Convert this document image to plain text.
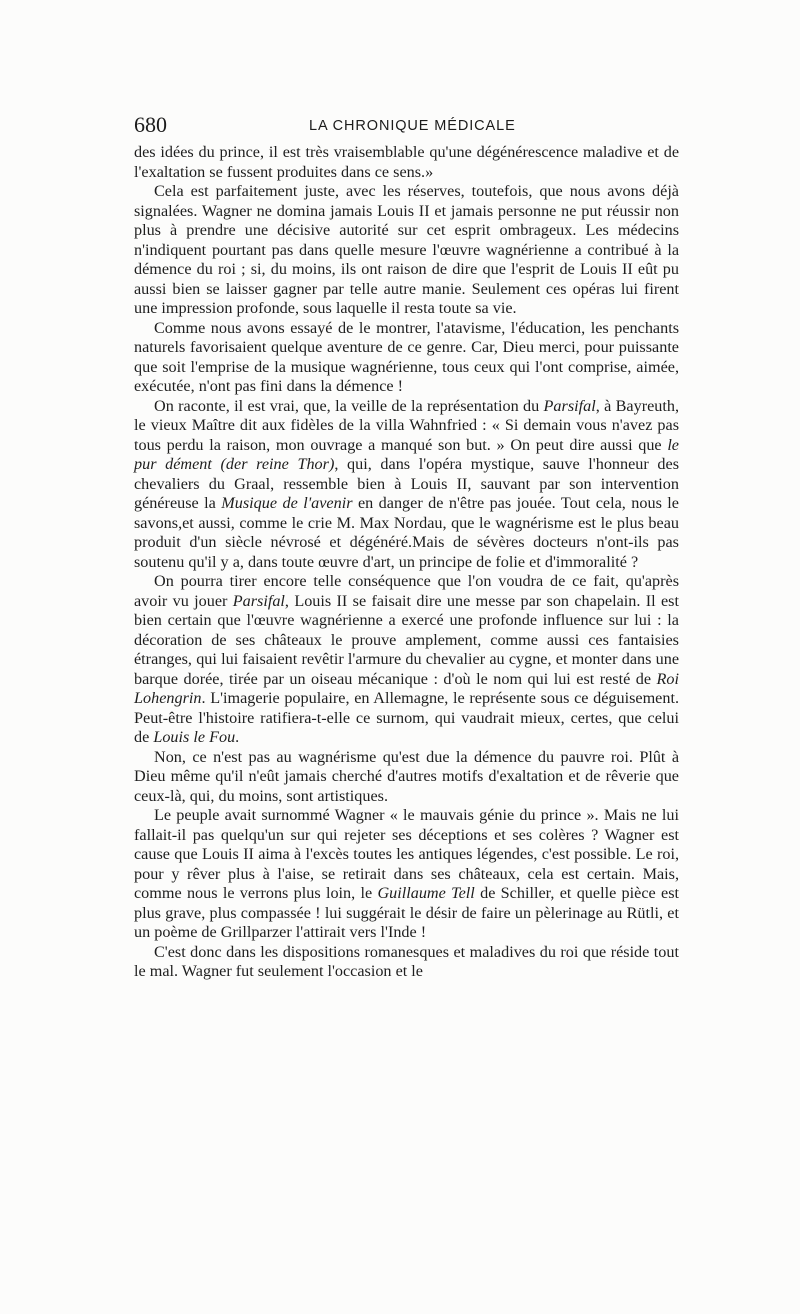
680	LA CHRONIQUE MÉDICALE

des idées du prince, il est très vraisemblable qu'une dégénérescence maladive et de l'exaltation se fussent produites dans ce sens.»

Cela est parfaitement juste, avec les réserves, toutefois, que nous avons déjà signalées. Wagner ne domina jamais Louis II et jamais personne ne put réussir non plus à prendre une décisive autorité sur cet esprit ombrageux. Les médecins n'indiquent pourtant pas dans quelle mesure l'œuvre wagnérienne a contribué à la démence du roi ; si, du moins, ils ont raison de dire que l'esprit de Louis II eût pu aussi bien se laisser gagner par telle autre manie. Seulement ces opéras lui firent une impression profonde, sous laquelle il resta toute sa vie.

Comme nous avons essayé de le montrer, l'atavisme, l'éducation, les penchants naturels favorisaient quelque aventure de ce genre. Car, Dieu merci, pour puissante que soit l'emprise de la musique wagnérienne, tous ceux qui l'ont comprise, aimée, exécutée, n'ont pas fini dans la démence !

On raconte, il est vrai, que, la veille de la représentation du Parsifal, à Bayreuth, le vieux Maître dit aux fidèles de la villa Wahnfried : « Si demain vous n'avez pas tous perdu la raison, mon ouvrage a manqué son but. » On peut dire aussi que le pur dément (der reine Thor), qui, dans l'opéra mystique, sauve l'honneur des chevaliers du Graal, ressemble bien à Louis II, sauvant par son intervention généreuse la Musique de l'avenir en danger de n'être pas jouée. Tout cela, nous le savons,et aussi, comme le crie M. Max Nordau, que le wagnérisme est le plus beau produit d'un siècle névrosé et dégénéré.Mais de sévères docteurs n'ont-ils pas soutenu qu'il y a, dans toute œuvre d'art, un principe de folie et d'immoralité ?

On pourra tirer encore telle conséquence que l'on voudra de ce fait, qu'après avoir vu jouer Parsifal, Louis II se faisait dire une messe par son chapelain. Il est bien certain que l'œuvre wagnérienne a exercé une profonde influence sur lui : la décoration de ses châteaux le prouve amplement, comme aussi ces fantaisies étranges, qui lui faisaient revêtir l'armure du chevalier au cygne, et monter dans une barque dorée, tirée par un oiseau mécanique : d'où le nom qui lui est resté de Roi Lohengrin. L'imagerie populaire, en Allemagne, le représente sous ce déguisement. Peut-être l'histoire ratifiera-t-elle ce surnom, qui vaudrait mieux, certes, que celui de Louis le Fou.

Non, ce n'est pas au wagnérisme qu'est due la démence du pauvre roi. Plût à Dieu même qu'il n'eût jamais cherché d'autres motifs d'exaltation et de rêverie que ceux-là, qui, du moins, sont artistiques.

Le peuple avait surnommé Wagner « le mauvais génie du prince ». Mais ne lui fallait-il pas quelqu'un sur qui rejeter ses déceptions et ses colères ? Wagner est cause que Louis II aima à l'excès toutes les antiques légendes, c'est possible. Le roi, pour y rêver plus à l'aise, se retirait dans ses châteaux, cela est certain. Mais, comme nous le verrons plus loin, le Guillaume Tell de Schiller, et quelle pièce est plus grave, plus compassée ! lui suggérait le désir de faire un pèlerinage au Rütli, et un poème de Grillparzer l'attirait vers l'Inde !

C'est donc dans les dispositions romanesques et maladives du roi que réside tout le mal. Wagner fut seulement l'occasion et le
